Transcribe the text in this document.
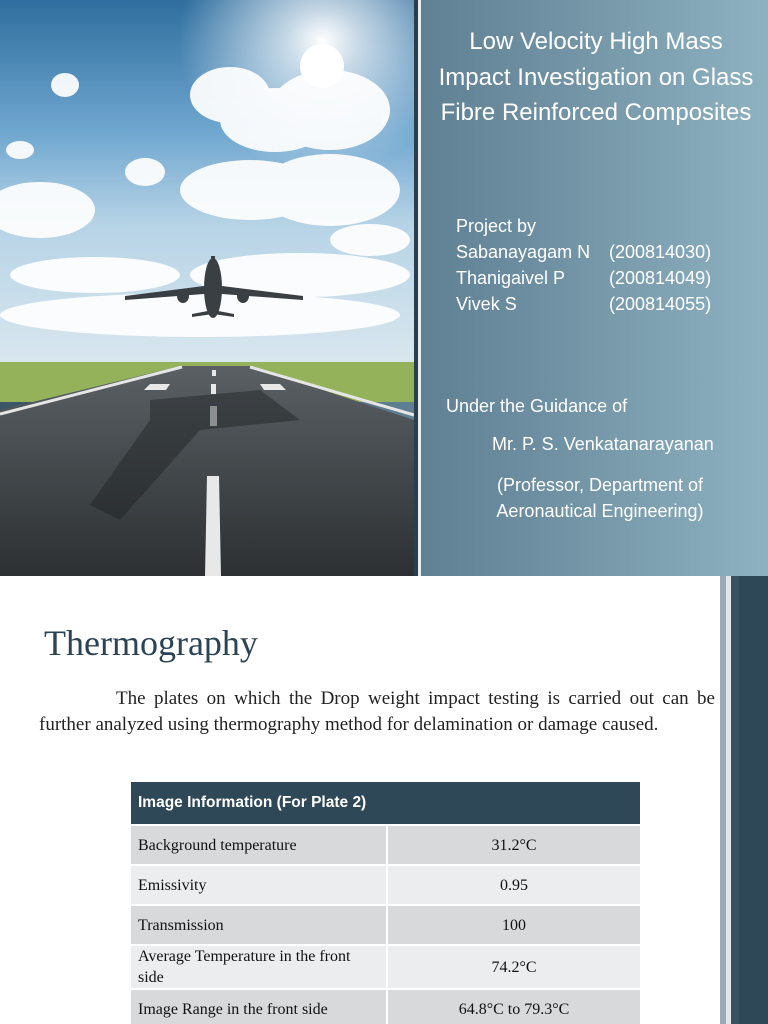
Low Velocity High Mass Impact Investigation on Glass Fibre Reinforced Composites
Project by
Sabanayagam N (200814030)
Thanigaivel P (200814049)
Vivek S	(200814055)
Under the Guidance of
Mr. P. S. Venkatanarayanan
(Professor, Department of Aeronautical Engineering)
Thermography

The plates on which the Drop weight impact testing is carried out can be further analyzed using thermography method for delamination or damage caused.

Image Information (For Plate 2)	
Background temperature	31.2°C
Emissivity	0.95
Transmission	100
Average Temperature in the front side	74.2°C
Image Range in the front side	64.8°C to 79.3°C
